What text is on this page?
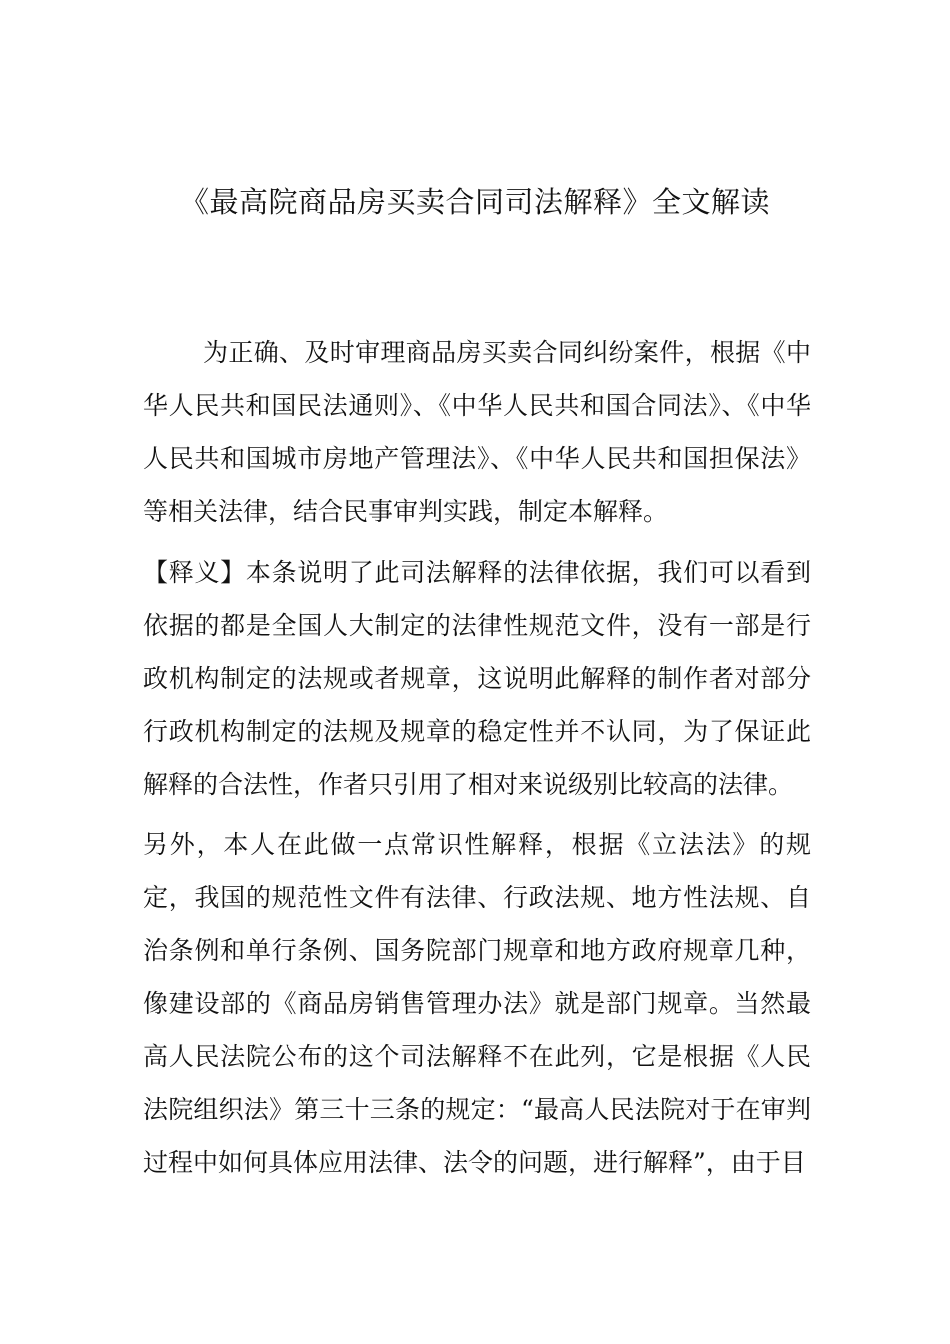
《最高院商品房买卖合同司法解释》全文解读

为正确、及时审理商品房买卖合同纠纷案件，根据《中华人民共和国民法通则》、《中华人民共和国合同法》、《中华人民共和国城市房地产管理法》、《中华人民共和国担保法》等相关法律，结合民事审判实践，制定本解释。

【释义】本条说明了此司法解释的法律依据，我们可以看到依据的都是全国人大制定的法律性规范文件，没有一部是行政机构制定的法规或者规章，这说明此解释的制作者对部分行政机构制定的法规及规章的稳定性并不认同，为了保证此解释的合法性，作者只引用了相对来说级别比较高的法律。

另外，本人在此做一点常识性解释，根据《立法法》的规定，我国的规范性文件有法律、行政法规、地方性法规、自治条例和单行条例、国务院部门规章和地方政府规章几种，像建设部的《商品房销售管理办法》就是部门规章。当然最高人民法院公布的这个司法解释不在此列，它是根据《人民法院组织法》第三十三条的规定：“最高人民法院对于在审判过程中如何具体应用法律、法令的问题，进行解释”，由于目
